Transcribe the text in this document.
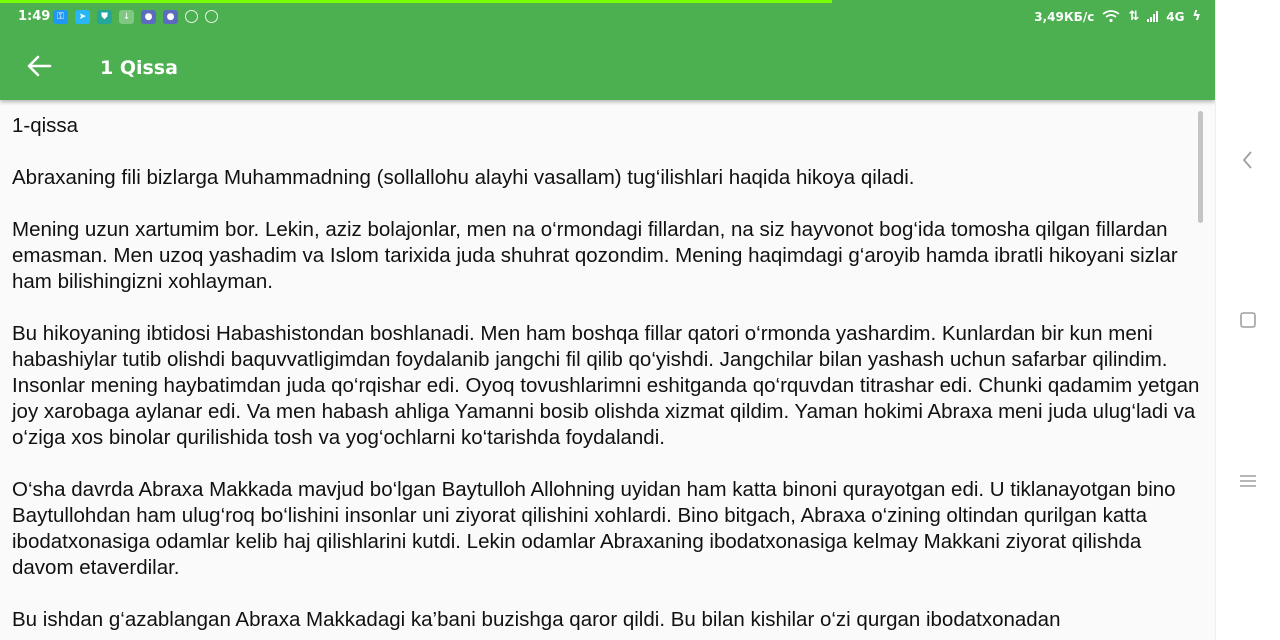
1:49 ⚿	➤	⛊	↓	●	●	3,49КБ/с	⇅ 4G ϟ
1 Qissa

1-qissa

Abraxaning fili bizlarga Muhammadning (sollallohu alayhi vasallam) tug‘ilishlari haqida hikoya qiladi.

Mening uzun xartumim bor. Lekin, aziz bolajonlar, men na o‘rmondagi fillardan, na siz hayvonot bog‘ida tomosha qilgan fillardan emasman. Men uzoq yashadim va Islom tarixida juda shuhrat qozondim. Mening haqimdagi g‘aroyib hamda ibratli hikoyani sizlar ham bilishingizni xohlayman.

Bu hikoyaning ibtidosi Habashistondan boshlanadi. Men ham boshqa fillar qatori o‘rmonda yashardim. Kunlardan bir kun meni habashiylar tutib olishdi baquvvatligimdan foydalanib jangchi fil qilib qo‘yishdi. Jangchilar bilan yashash uchun safarbar qilindim. Insonlar mening haybatimdan juda qo‘rqishar edi. Oyoq tovushlarimni eshitganda qo‘rquvdan titrashar edi. Chunki qadamim yetgan joy xarobaga aylanar edi. Va men habash ahliga Yamanni bosib olishda xizmat qildim. Yaman hokimi Abraxa meni juda ulug‘ladi va o‘ziga xos binolar qurilishida tosh va yog‘ochlarni ko‘tarishda foydalandi.

O‘sha davrda Abraxa Makkada mavjud bo‘lgan Baytulloh Allohning uyidan ham katta binoni qurayotgan edi. U tiklanayotgan bino Baytullohdan ham ulug‘roq bo‘lishini insonlar uni ziyorat qilishini xohlardi. Bino bitgach, Abraxa o‘zining oltindan qurilgan katta ibodatxonasiga odamlar kelib haj qilishlarini kutdi. Lekin odamlar Abraxaning ibodatxonasiga kelmay Makkani ziyorat qilishda davom etaverdilar.

Bu ishdan g‘azablangan Abraxa Makkadagi ka’bani buzishga qaror qildi. Bu bilan kishilar o‘zi qurgan ibodatxonadan
